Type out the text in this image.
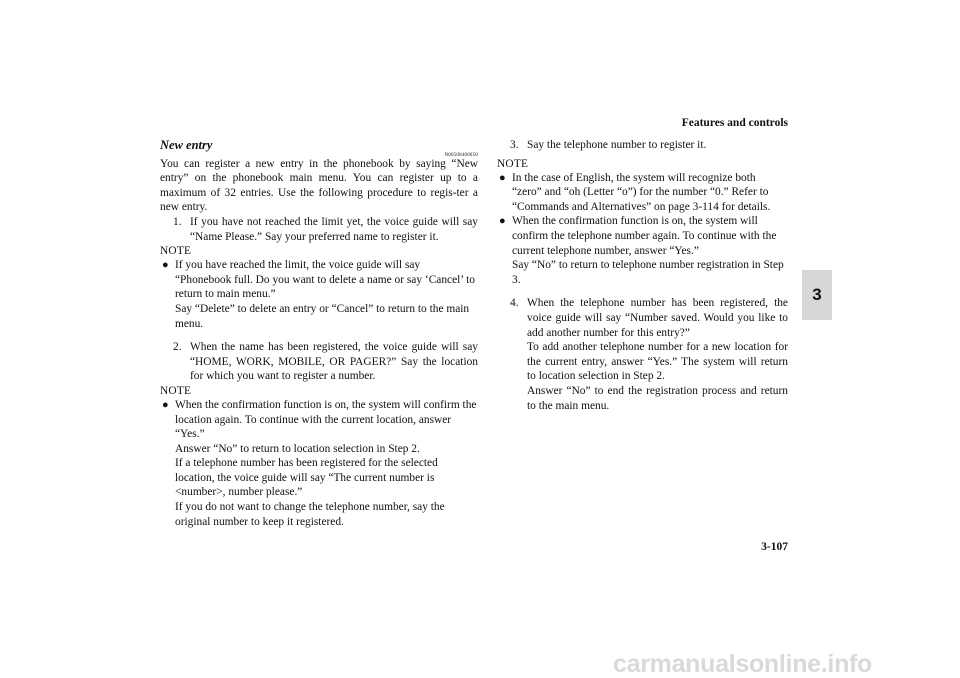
Features and controls
3
3-107
New entry
N00508400050

You can register a new entry in the phonebook by saying “New entry” on the phonebook main menu. You can register up to a maximum of 32 entries. Use the following procedure to regis-ter a new entry.

1. If you have not reached the limit yet, the voice guide will say “Name Please.” Say your preferred name to register it.
NOTE
● If you have reached the limit, the voice guide will say “Phonebook full. Do you want to delete a name or say ‘Cancel’ to return to main menu.”
Say “Delete” to delete an entry or “Cancel” to return to the main menu.
2. When the name has been registered, the voice guide will say “HOME, WORK, MOBILE, OR PAGER?” Say the location for which you want to register a number.
NOTE
● When the confirmation function is on, the system will confirm the location again. To continue with the current location, answer “Yes.”
Answer “No” to return to location selection in Step 2.
If a telephone number has been registered for the selected location, the voice guide will say “The current number is <number>, number please.”
If you do not want to change the telephone number, say the original number to keep it registered.
3. Say the telephone number to register it.
NOTE
● In the case of English, the system will recognize both “zero” and “oh (Letter “o”) for the number “0.” Refer to “Commands and Alternatives” on page 3-114 for details.
● When the confirmation function is on, the system will confirm the telephone number again. To continue with the current telephone number, answer “Yes.”
Say “No” to return to telephone number registration in Step 3.
4. When the telephone number has been registered, the voice guide will say “Number saved. Would you like to add another number for this entry?”
To add another telephone number for a new location for the current entry, answer “Yes.” The system will return to location selection in Step 2.
Answer “No” to end the registration process and return to the main menu.
carmanualsonline.info
